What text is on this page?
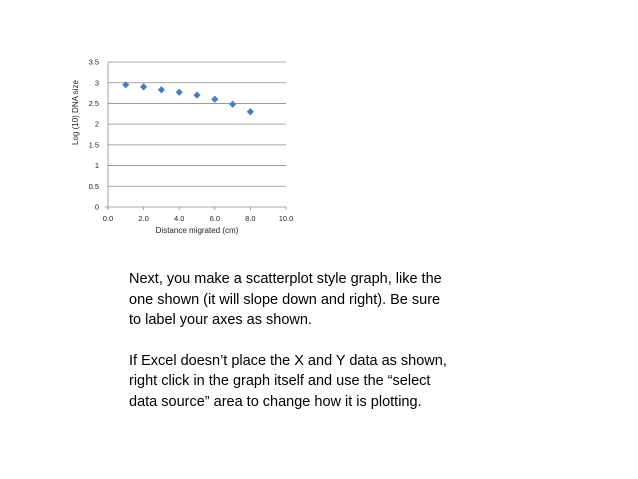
0
0.5
1
1.5
2
2.5
3
3.5
0.0	2.0	4.0	6.0	8.0	10.0
Distance migrated (cm)
Log (10) DNA size

Next, you make a scatterplot style graph, like the one shown (it will slope down and right). Be sure to label your axes as shown.

If Excel doesn’t place the X and Y data as shown, right click in the graph itself and use the “select data source” area to change how it is plotting.
